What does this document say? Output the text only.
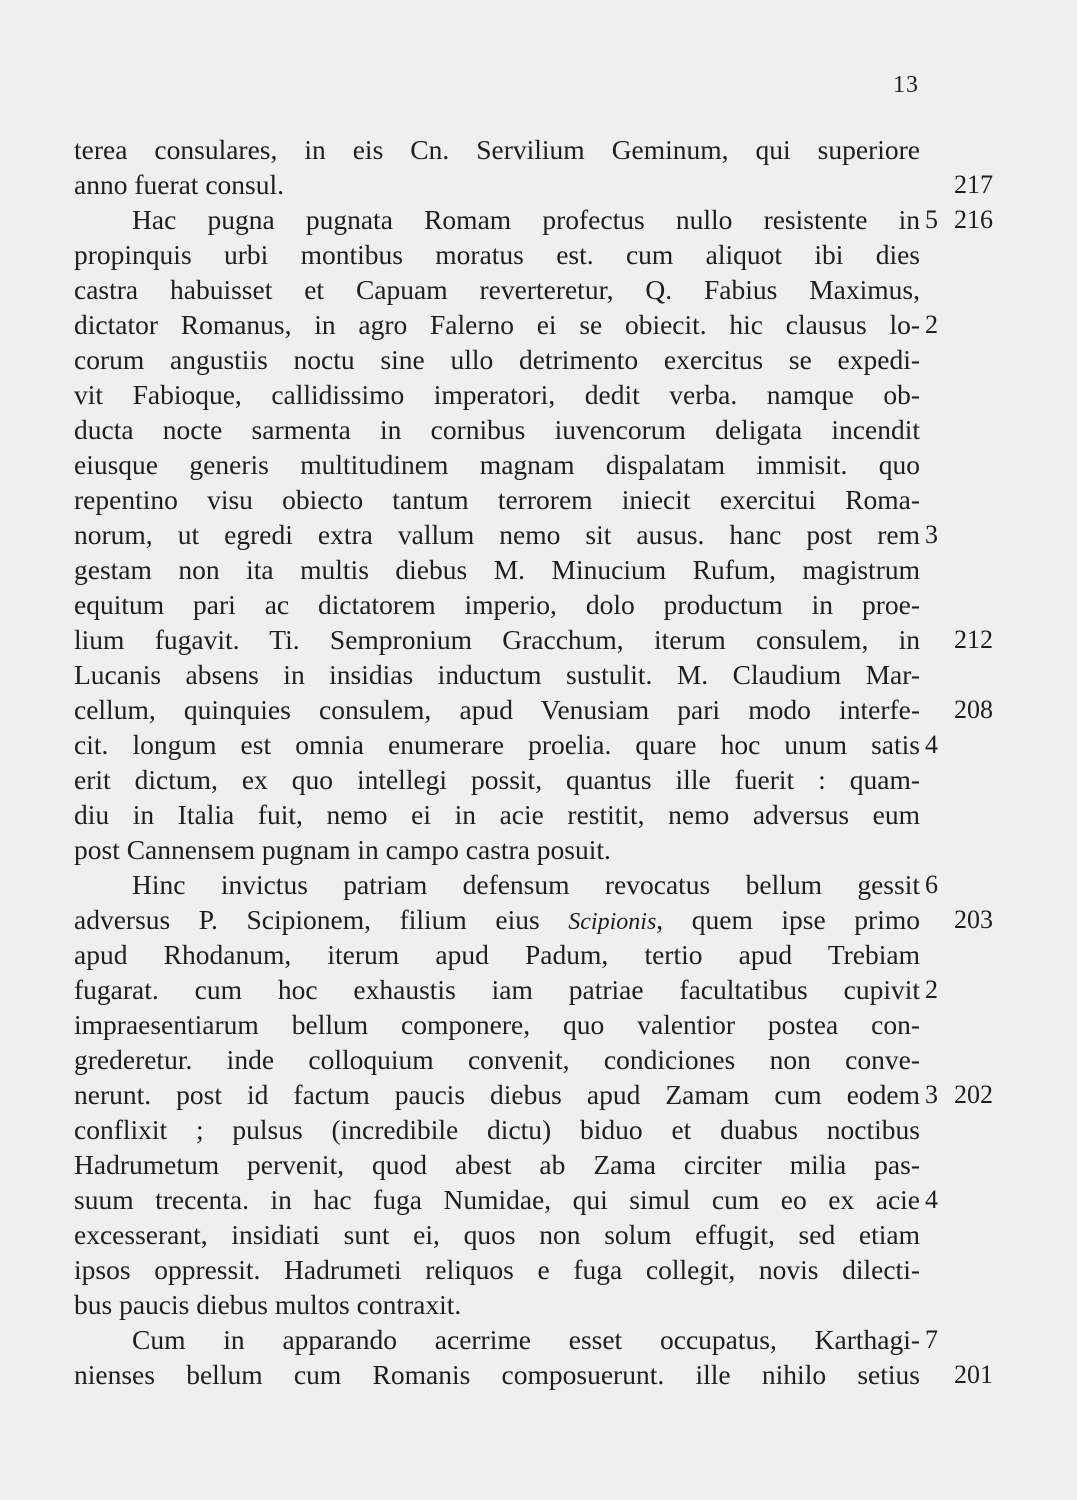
13
terea consulares, in eis Cn. Servilium Geminum, qui superiore
anno fuerat consul.	217
Hac pugna pugnata Romam profectus nullo resistente in 5 216
propinquis urbi montibus moratus est. cum aliquot ibi dies
castra habuisset et Capuam reverteretur, Q. Fabius Maximus,
dictator Romanus, in agro Falerno ei se obiecit. hic clausus lo- 2
corum angustiis noctu sine ullo detrimento exercitus se expedi-
vit Fabioque, callidissimo imperatori, dedit verba. namque ob-
ducta nocte sarmenta in cornibus iuvencorum deligata incendit
eiusque generis multitudinem magnam dispalatam immisit. quo
repentino visu obiecto tantum terrorem iniecit exercitui Roma-
norum, ut egredi extra vallum nemo sit ausus. hanc post rem 3
gestam non ita multis diebus M. Minucium Rufum, magistrum
equitum pari ac dictatorem imperio, dolo productum in proe-
lium fugavit. Ti. Sempronium Gracchum, iterum consulem, in 212
Lucanis absens in insidias inductum sustulit. M. Claudium Mar-
cellum, quinquies consulem, apud Venusiam pari modo interfe- 208
cit. longum est omnia enumerare proelia. quare hoc unum satis 4
erit dictum, ex quo intellegi possit, quantus ille fuerit : quam-
diu in Italia fuit, nemo ei in acie restitit, nemo adversus eum
post Cannensem pugnam in campo castra posuit.
Hinc invictus patriam defensum revocatus bellum gessit 6
adversus P. Scipionem, filium eius Scipionis, quem ipse primo 203
apud Rhodanum, iterum apud Padum, tertio apud Trebiam
fugarat. cum hoc exhaustis iam patriae facultatibus cupivit 2
impraesentiarum bellum componere, quo valentior postea con-
grederetur. inde colloquium convenit, condiciones non conve-
nerunt. post id factum paucis diebus apud Zamam cum eodem 3 202
conflixit ; pulsus (incredibile dictu) biduo et duabus noctibus
Hadrumetum pervenit, quod abest ab Zama circiter milia pas-
suum trecenta. in hac fuga Numidae, qui simul cum eo ex acie 4
excesserant, insidiati sunt ei, quos non solum effugit, sed etiam
ipsos oppressit. Hadrumeti reliquos e fuga collegit, novis dilecti-
bus paucis diebus multos contraxit.
Cum in apparando acerrime esset occupatus, Karthagi- 7
nienses bellum cum Romanis composuerunt. ille nihilo setius 201
